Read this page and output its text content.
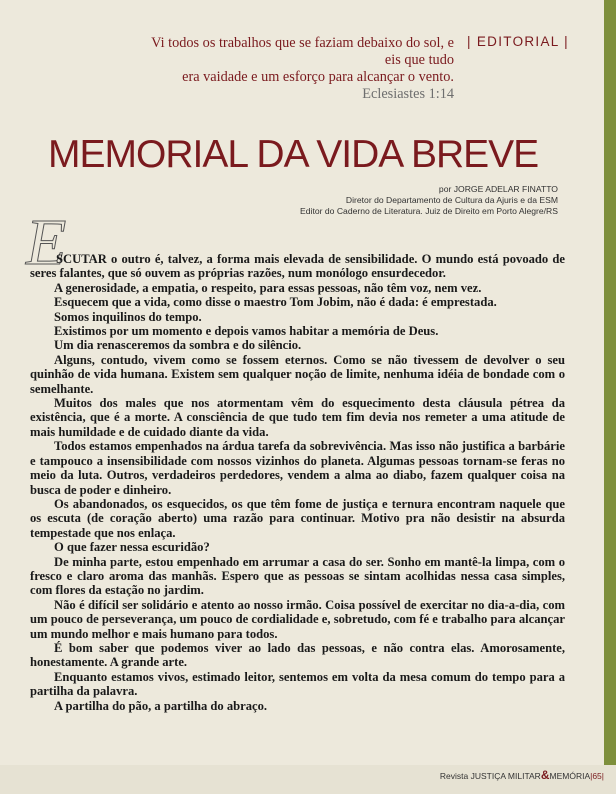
Vi todos os trabalhos que se faziam debaixo do sol, e
eis que tudo
era vaidade e um esforço para alcançar o vento.
Eclesiastes 1:14
| EDITORIAL |
MEMORIAL DA VIDA BREVE
por JORGE ADELAR FINATTO
Diretor do Departamento de Cultura da Ajuris e da ESM
Editor do Caderno de Literatura. Juiz de Direito em Porto Alegre/RS
E

SCUTAR o outro é, talvez, a forma mais elevada de sensibilidade. O mundo está povoado de seres falantes, que só ouvem as próprias razões, num monólogo ensurdecedor.

A generosidade, a empatia, o respeito, para essas pessoas, não têm voz, nem vez.

Esquecem que a vida, como disse o maestro Tom Jobim, não é dada: é emprestada.

Somos inquilinos do tempo.

Existimos por um momento e depois vamos habitar a memória de Deus.

Um dia renasceremos da sombra e do silêncio.

Alguns, contudo, vivem como se fossem eternos. Como se não tivessem de devolver o seu quinhão de vida humana. Existem sem qualquer noção de limite, nenhuma idéia de bondade com o semelhante.

Muitos dos males que nos atormentam vêm do esquecimento desta cláusula pétrea da existência, que é a morte. A consciência de que tudo tem fim devia nos remeter a uma atitude de mais humildade e de cuidado diante da vida.

Todos estamos empenhados na árdua tarefa da sobrevivência. Mas isso não justifica a barbárie e tampouco a insensibilidade com nossos vizinhos do planeta. Algumas pessoas tornam-se feras no meio da luta. Outros, verdadeiros perdedores, vendem a alma ao diabo, fazem qualquer coisa na busca de poder e dinheiro.

Os abandonados, os esquecidos, os que têm fome de justiça e ternura encontram naquele que os escuta (de coração aberto) uma razão para continuar. Motivo pra não desistir na absurda tempestade que nos enlaça.

O que fazer nessa escuridão?

De minha parte, estou empenhado em arrumar a casa do ser. Sonho em mantê-la limpa, com o fresco e claro aroma das manhãs. Espero que as pessoas se sintam acolhidas nessa casa simples, com flores da estação no jardim.

Não é difícil ser solidário e atento ao nosso irmão. Coisa possível de exercitar no dia-a-dia, com um pouco de perseverança, um pouco de cordialidade e, sobretudo, com fé e trabalho para alcançar um mundo melhor e mais humano para todos.

É bom saber que podemos viver ao lado das pessoas, e não contra elas. Amorosamente, honestamente. A grande arte.

Enquanto estamos vivos, estimado leitor, sentemos em volta da mesa comum do tempo para a partilha da palavra.

A partilha do pão, a partilha do abraço.

Revista JUSTIÇA MILITAR&MEMÓRIA|65|
